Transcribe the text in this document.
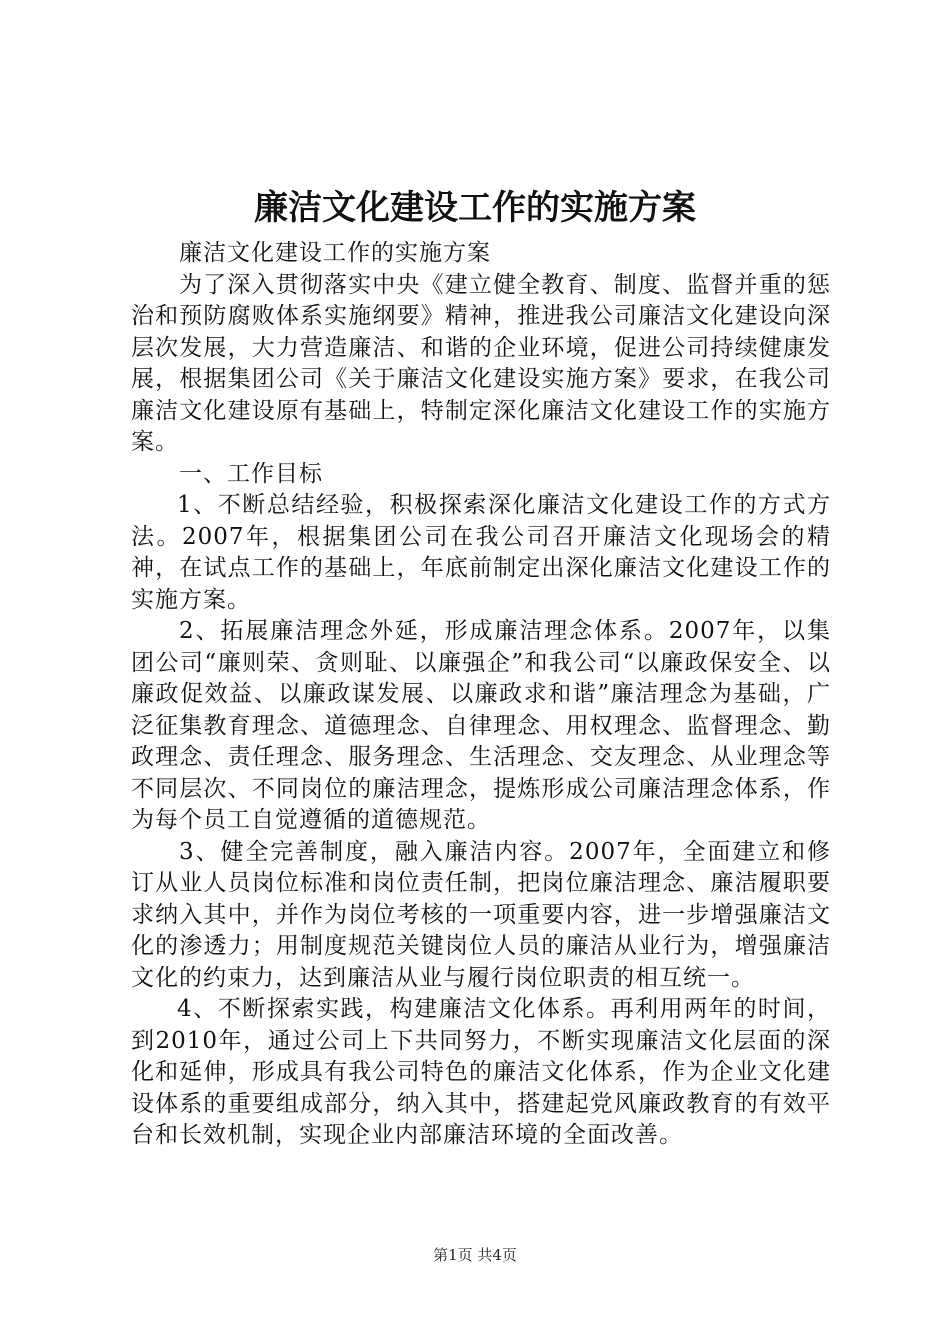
廉洁文化建设工作的实施方案

廉洁文化建设工作的实施方案

为了深入贯彻落实中央《建立健全教育、制度、监督并重的惩治和预防腐败体系实施纲要》精神，推进我公司廉洁文化建设向深层次发展，大力营造廉洁、和谐的企业环境，促进公司持续健康发展，根据集团公司《关于廉洁文化建设实施方案》要求，在我公司廉洁文化建设原有基础上，特制定深化廉洁文化建设工作的实施方案。

一、工作目标

1、不断总结经验，积极探索深化廉洁文化建设工作的方式方法。2007年，根据集团公司在我公司召开廉洁文化现场会的精神，在试点工作的基础上，年底前制定出深化廉洁文化建设工作的实施方案。

2、拓展廉洁理念外延，形成廉洁理念体系。2007年，以集团公司“廉则荣、贪则耻、以廉强企”和我公司“以廉政保安全、以廉政促效益、以廉政谋发展、以廉政求和谐”廉洁理念为基础，广泛征集教育理念、道德理念、自律理念、用权理念、监督理念、勤政理念、责任理念、服务理念、生活理念、交友理念、从业理念等不同层次、不同岗位的廉洁理念，提炼形成公司廉洁理念体系，作为每个员工自觉遵循的道德规范。

3、健全完善制度，融入廉洁内容。2007年，全面建立和修订从业人员岗位标准和岗位责任制，把岗位廉洁理念、廉洁履职要求纳入其中，并作为岗位考核的一项重要内容，进一步增强廉洁文化的渗透力；用制度规范关键岗位人员的廉洁从业行为，增强廉洁文化的约束力，达到廉洁从业与履行岗位职责的相互统一。

4、不断探索实践，构建廉洁文化体系。再利用两年的时间，到2010年，通过公司上下共同努力，不断实现廉洁文化层面的深化和延伸，形成具有我公司特色的廉洁文化体系，作为企业文化建设体系的重要组成部分，纳入其中，搭建起党风廉政教育的有效平台和长效机制，实现企业内部廉洁环境的全面改善。

第1页 共4页
